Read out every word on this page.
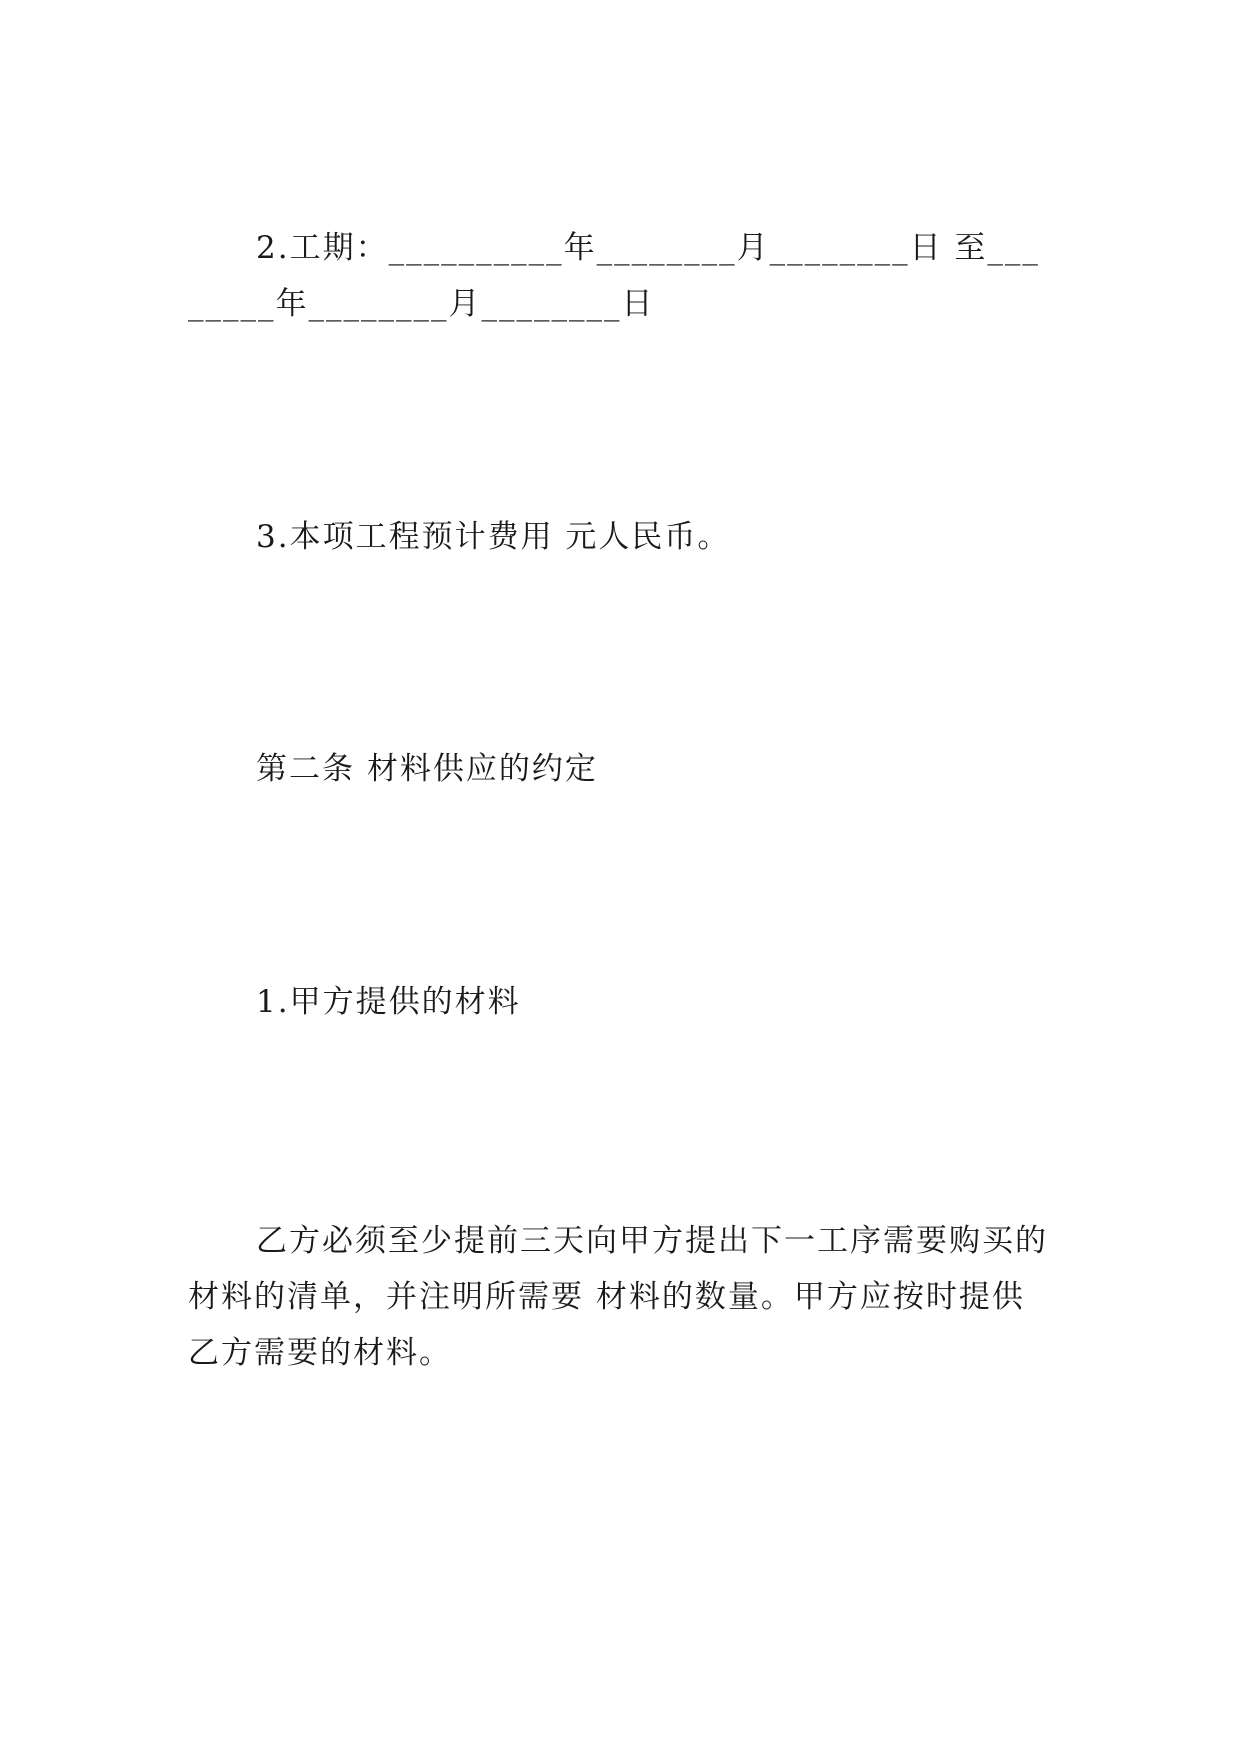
2.工期：__________年________月________日 至________年________月________日

3.本项工程预计费用 元人民币。

第二条 材料供应的约定

1.甲方提供的材料

乙方必须至少提前三天向甲方提出下一工序需要购买的材料的清单，并注明所需要 材料的数量。甲方应按时提供乙方需要的材料。
